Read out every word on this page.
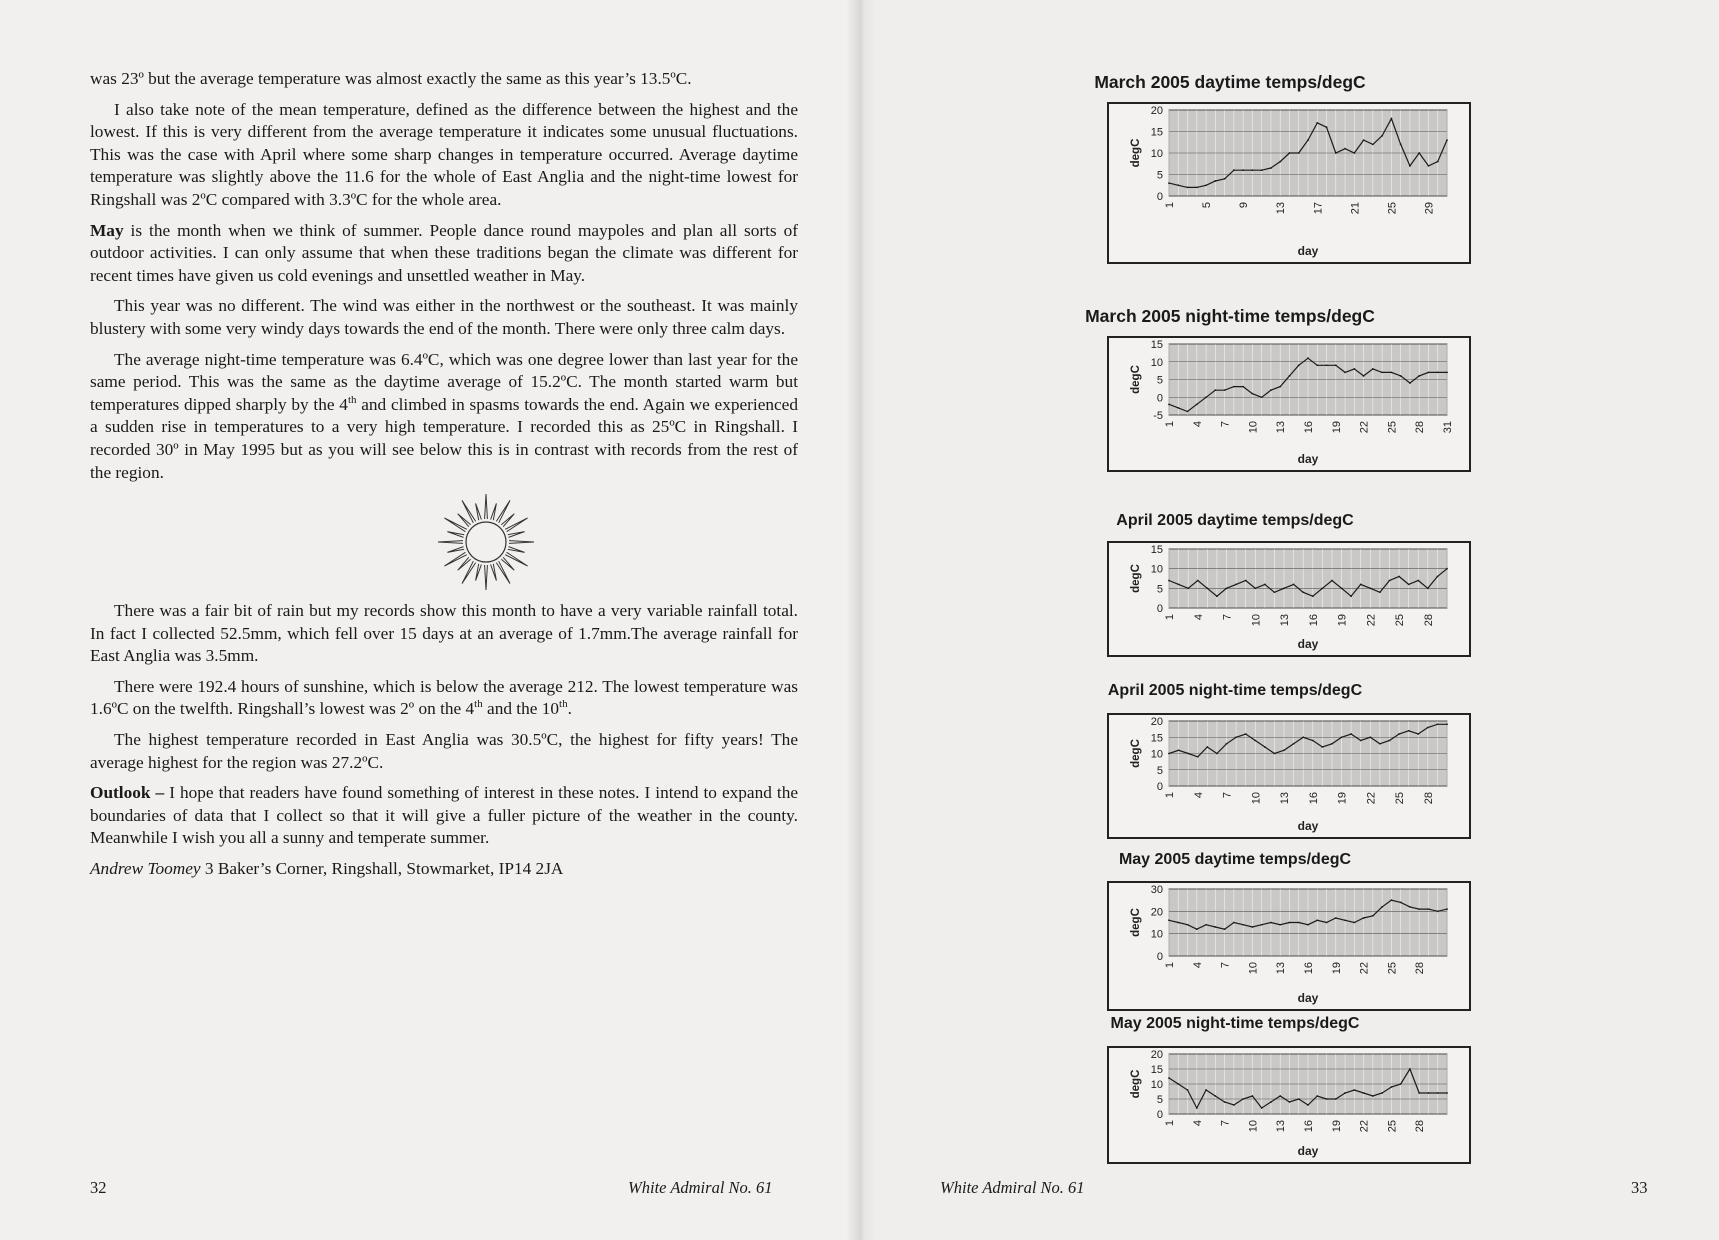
was 23º but the average temperature was almost exactly the same as this year’s 13.5ºC.

I also take note of the mean temperature, defined as the difference between the highest and the lowest. If this is very different from the average temperature it indicates some unusual fluctuations. This was the case with April where some sharp changes in temperature occurred. Average daytime temperature was slightly above the 11.6 for the whole of East Anglia and the night-time lowest for Ringshall was 2ºC compared with 3.3ºC for the whole area.

May is the month when we think of summer. People dance round maypoles and plan all sorts of outdoor activities. I can only assume that when these traditions began the climate was different for recent times have given us cold evenings and unsettled weather in May.

This year was no different. The wind was either in the northwest or the southeast. It was mainly blustery with some very windy days towards the end of the month. There were only three calm days.

The average night-time temperature was 6.4ºC, which was one degree lower than last year for the same period. This was the same as the daytime average of 15.2ºC. The month started warm but temperatures dipped sharply by the 4th and climbed in spasms towards the end. Again we experienced a sudden rise in temperatures to a very high temperature. I recorded this as 25ºC in Ringshall. I recorded 30º in May 1995 but as you will see below this is in contrast with records from the rest of the region.

There was a fair bit of rain but my records show this month to have a very variable rainfall total. In fact I collected 52.5mm, which fell over 15 days at an average of 1.7mm.The average rainfall for East Anglia was 3.5mm.

There were 192.4 hours of sunshine, which is below the average 212. The lowest temperature was 1.6ºC on the twelfth. Ringshall’s lowest was 2º on the 4th and the 10th.

The highest temperature recorded in East Anglia was 30.5ºC, the highest for fifty years! The average highest for the region was 27.2ºC.

Outlook – I hope that readers have found something of interest in these notes. I intend to expand the boundaries of data that I collect so that it will give a fuller picture of the weather in the county. Meanwhile I wish you all a sunny and temperate summer.

Andrew Toomey 3 Baker’s Corner, Ringshall, Stowmarket, IP14 2JA

32	White Admiral No. 61	White Admiral No. 61	33
March 2005 daytime temps/degC
0
5
10
15
20
1 5 9 13 17 21 25 29
degC
day
March 2005 night-time temps/degC
-5
0
5
10
15
1 4 7 10 13 16 19 22 25 28 31
degC
day
April 2005 daytime temps/degC
0
5
10
15
1 4 7 10 13 16 19 22 25 28
degC
day
April 2005 night-time temps/degC
0
5
10
15
20
1 4 7 10 13 16 19 22 25 28
degC
day
May 2005 daytime temps/degC
0
10
20
30
1 4 7 10 13 16 19 22 25 28
degC
day
May 2005 night-time temps/degC
0
5
10
15
20
1 4 7 10 13 16 19 22 25 28
degC
day
